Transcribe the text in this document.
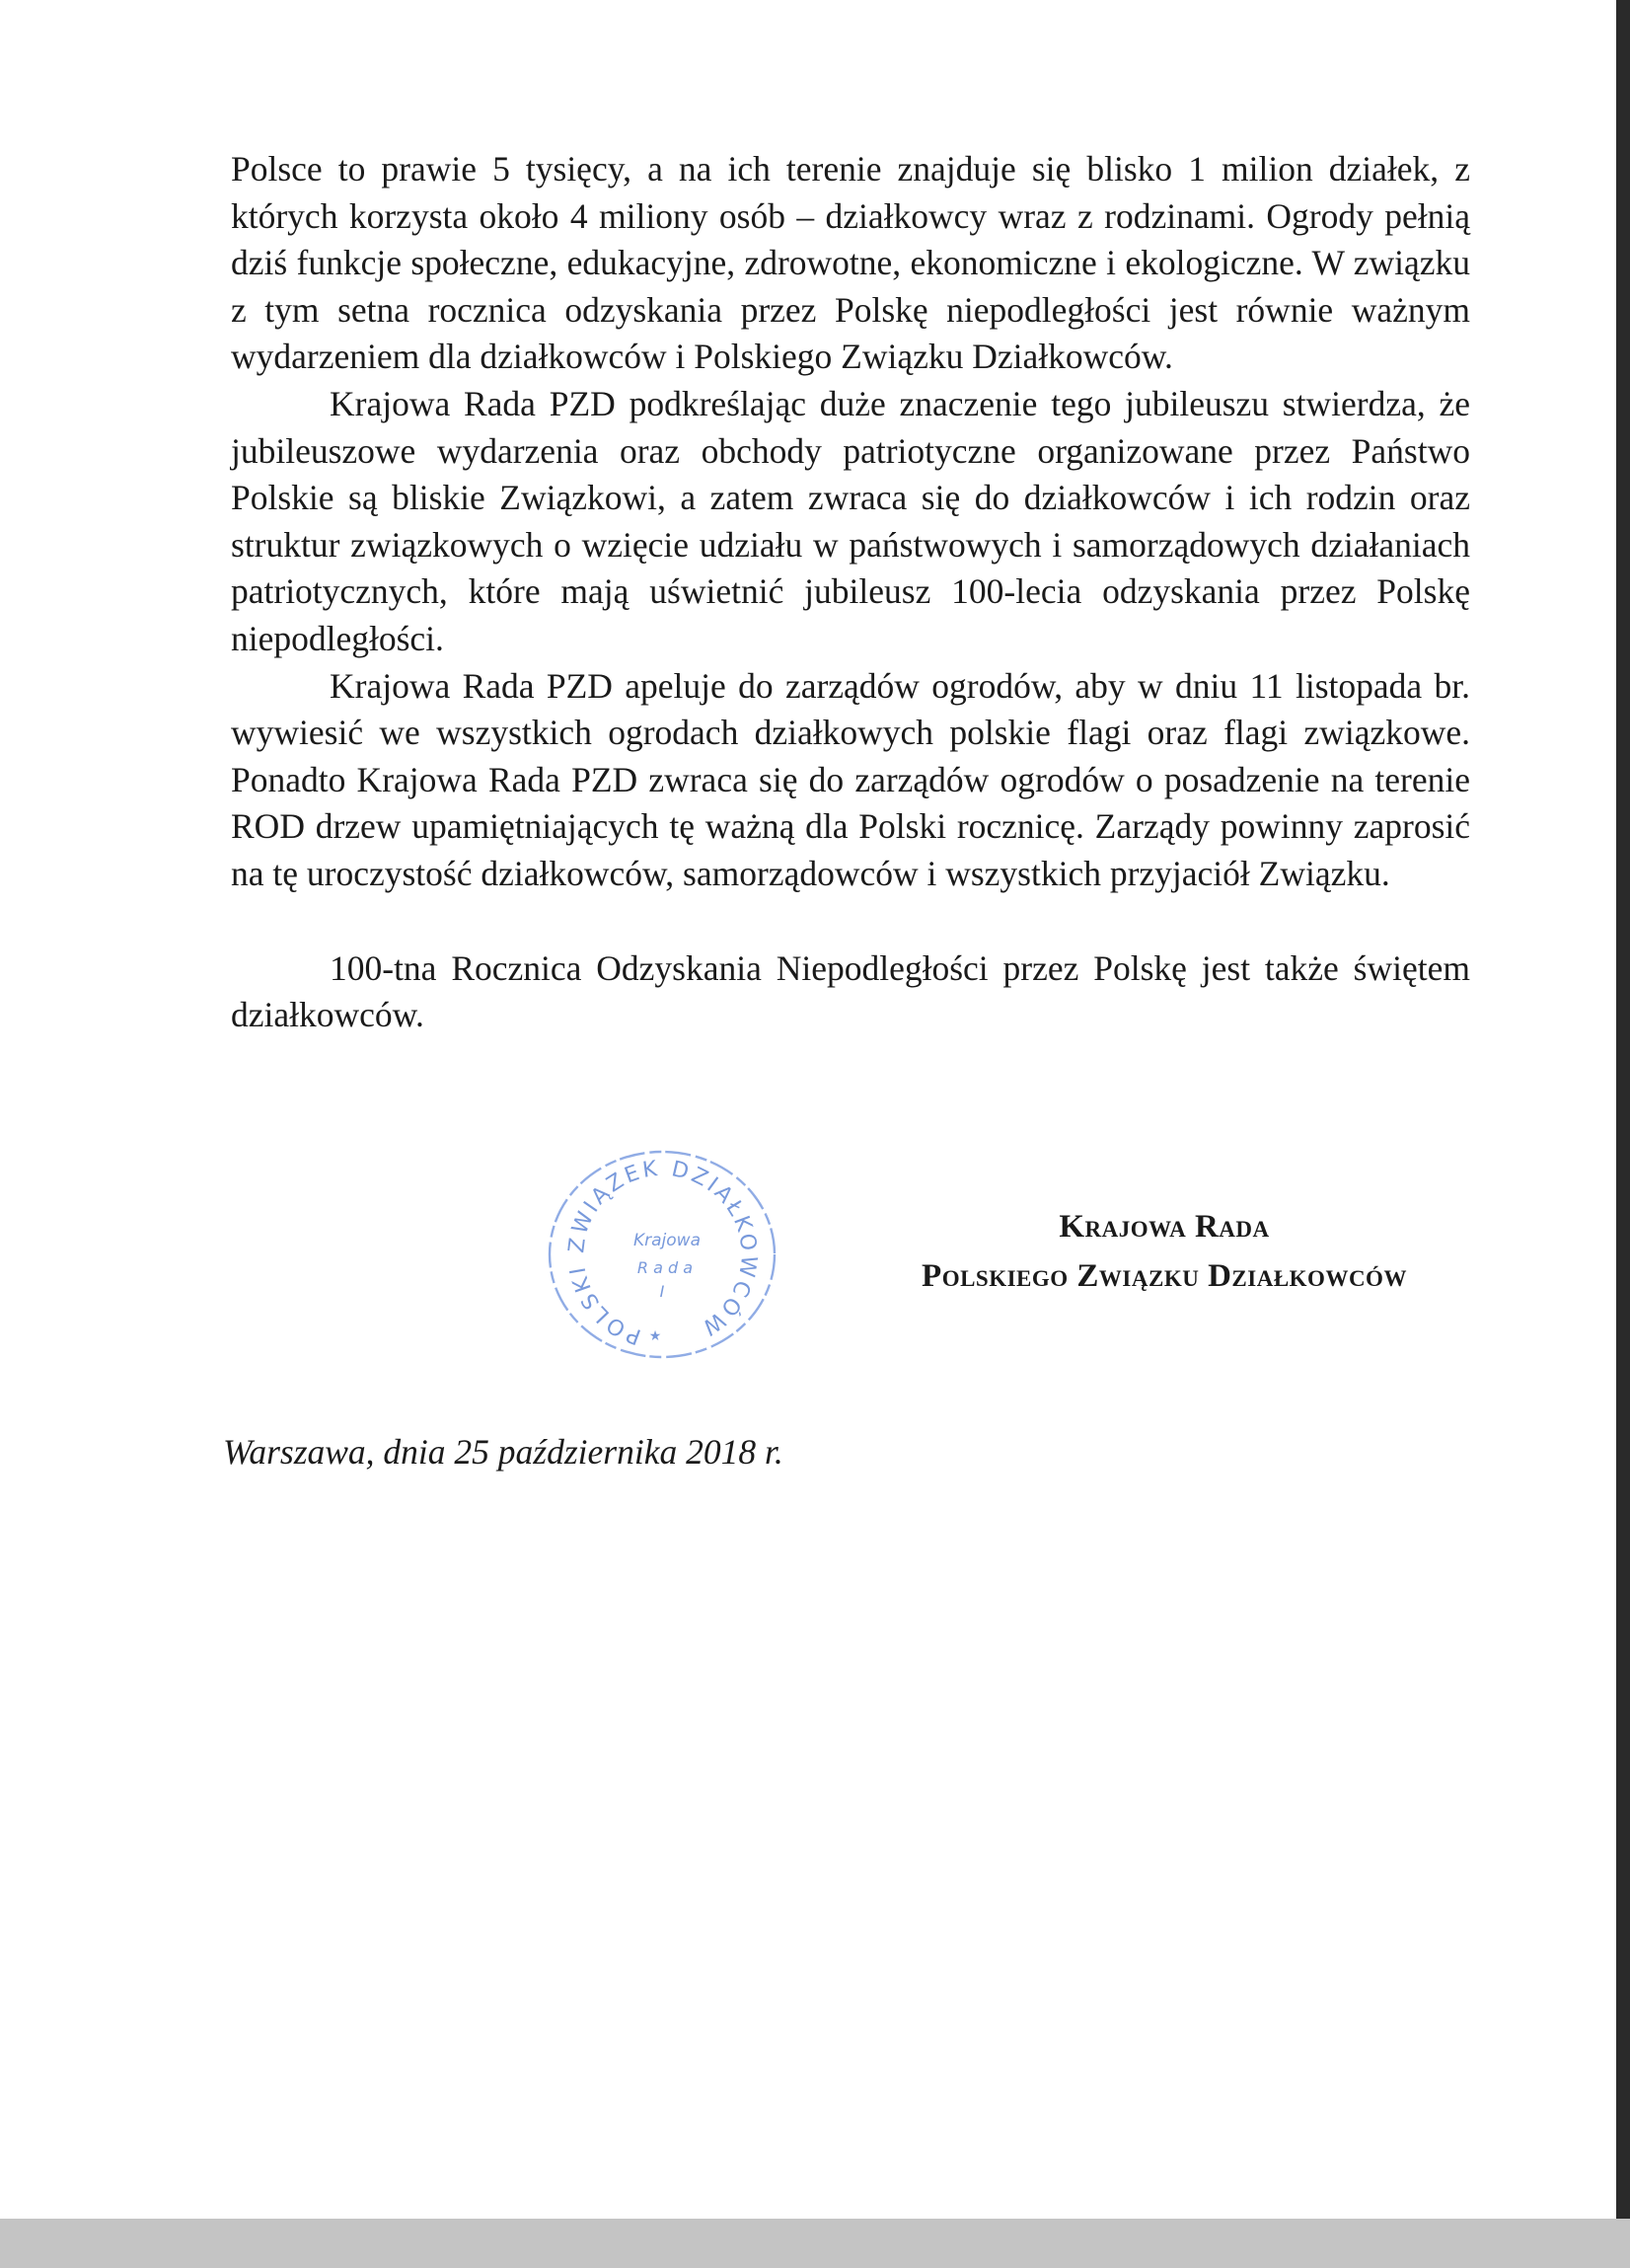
Polsce to prawie 5 tysięcy, a na ich terenie znajduje się blisko 1 milion działek, z których korzysta około 4 miliony osób – działkowcy wraz z rodzinami. Ogrody pełnią dziś funkcje społeczne, edukacyjne, zdrowotne, ekonomiczne i ekologiczne. W związku z tym setna rocznica odzyskania przez Polskę niepodległości jest równie ważnym wydarzeniem dla działkowców i Polskiego Związku Działkowców.

Krajowa Rada PZD podkreślając duże znaczenie tego jubileuszu stwierdza, że jubileuszowe wydarzenia oraz obchody patriotyczne organizowane przez Państwo Polskie są bliskie Związkowi, a zatem zwraca się do działkowców i ich rodzin oraz struktur związkowych o wzięcie udziału w państwowych i samorządowych działaniach patriotycznych, które mają uświetnić jubileusz 100-lecia odzyskania przez Polskę niepodległości.

Krajowa Rada PZD apeluje do zarządów ogrodów, aby w dniu 11 listopada br. wywiesić we wszystkich ogrodach działkowych polskie flagi oraz flagi związkowe. Ponadto Krajowa Rada PZD zwraca się do zarządów ogrodów o posadzenie na terenie ROD drzew upamiętniających tę ważną dla Polski rocznicę. Zarządy powinny zaprosić na tę uroczystość działkowców, samorządowców i wszystkich przyjaciół Związku.

100-tna Rocznica Odzyskania Niepodległości przez Polskę jest także świętem działkowców.

POLSKI ZWIĄZEK DZIAŁKOWCÓW
Krajowa
R a d a
I
★
Krajowa Rada
Polskiego Związku Działkowców
Warszawa, dnia 25 października 2018 r.
